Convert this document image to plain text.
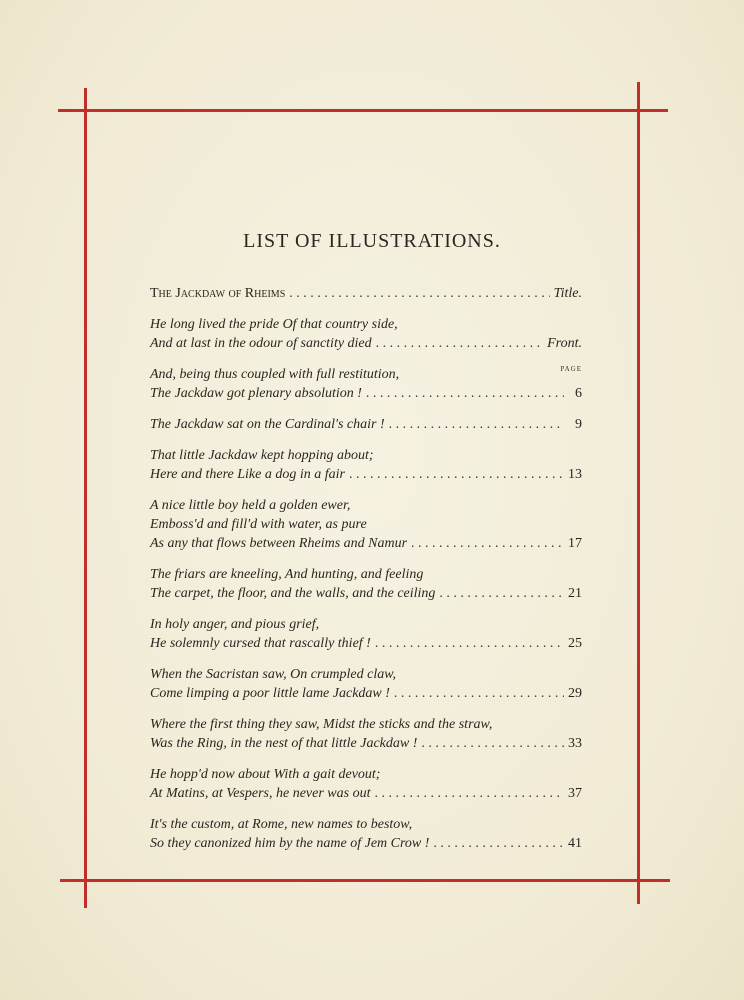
LIST OF ILLUSTRATIONS.
The Jackdaw of Rheims . . .	Title.
He long lived the pride Of that country side,
And at last in the odour of sanctity died . . .	Front.
PAGE
And, being thus coupled with full restitution,
The Jackdaw got plenary absolution ! . . .	6
The Jackdaw sat on the Cardinal's chair ! . . .	9
That little Jackdaw kept hopping about;
Here and there Like a dog in a fair . . .	13
A nice little boy held a golden ewer,
Emboss'd and fill'd with water, as pure
As any that flows between Rheims and Namur . . .	17
The friars are kneeling, And hunting, and feeling
The carpet, the floor, and the walls, and the ceiling . . .	21
In holy anger, and pious grief,
He solemnly cursed that rascally thief ! . . .	25
When the Sacristan saw, On crumpled claw,
Come limping a poor little lame Jackdaw ! . . .	29
Where the first thing they saw, Midst the sticks and the straw,
Was the Ring, in the nest of that little Jackdaw ! . . .	33
He hopp'd now about With a gait devout;
At Matins, at Vespers, he never was out . . .	37
It's the custom, at Rome, new names to bestow,
So they canonized him by the name of Jem Crow ! . . .	41
